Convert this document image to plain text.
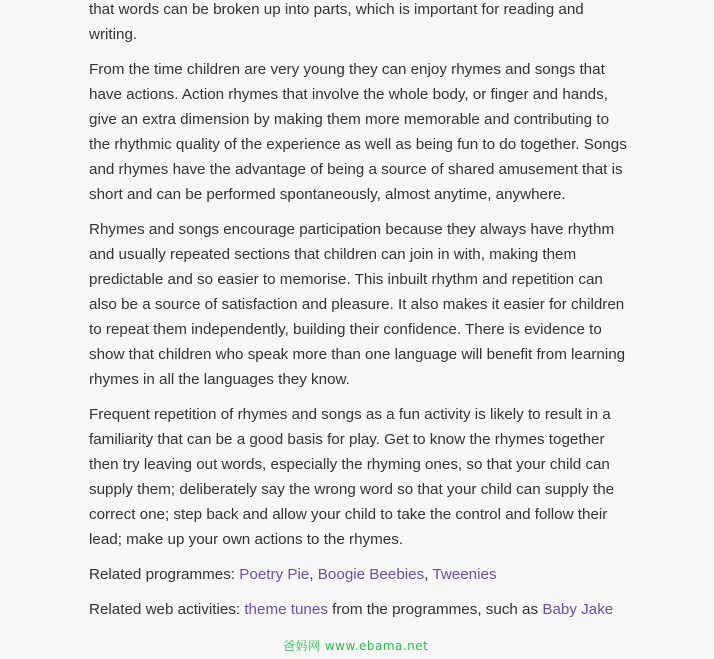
that words can be broken up into parts, which is important for reading and writing.

From the time children are very young they can enjoy rhymes and songs that have actions. Action rhymes that involve the whole body, or finger and hands, give an extra dimension by making them more memorable and contributing to the rhythmic quality of the experience as well as being fun to do together. Songs and rhymes have the advantage of being a source of shared amusement that is short and can be performed spontaneously, almost anytime, anywhere.

Rhymes and songs encourage participation because they always have rhythm and usually repeated sections that children can join in with, making them predictable and so easier to memorise. This inbuilt rhythm and repetition can also be a source of satisfaction and pleasure. It also makes it easier for children to repeat them independently, building their confidence. There is evidence to show that children who speak more than one language will benefit from learning rhymes in all the languages they know.

Frequent repetition of rhymes and songs as a fun activity is likely to result in a familiarity that can be a good basis for play. Get to know the rhymes together then try leaving out words, especially the rhyming ones, so that your child can supply them; deliberately say the wrong word so that your child can supply the correct one; step back and allow your child to take the control and follow their lead; make up your own actions to the rhymes.

Related programmes: Poetry Pie, Boogie Beebies, Tweenies

Related web activities: theme tunes from the programmes, such as Baby Jake

爸妈网 www.ebama.net
